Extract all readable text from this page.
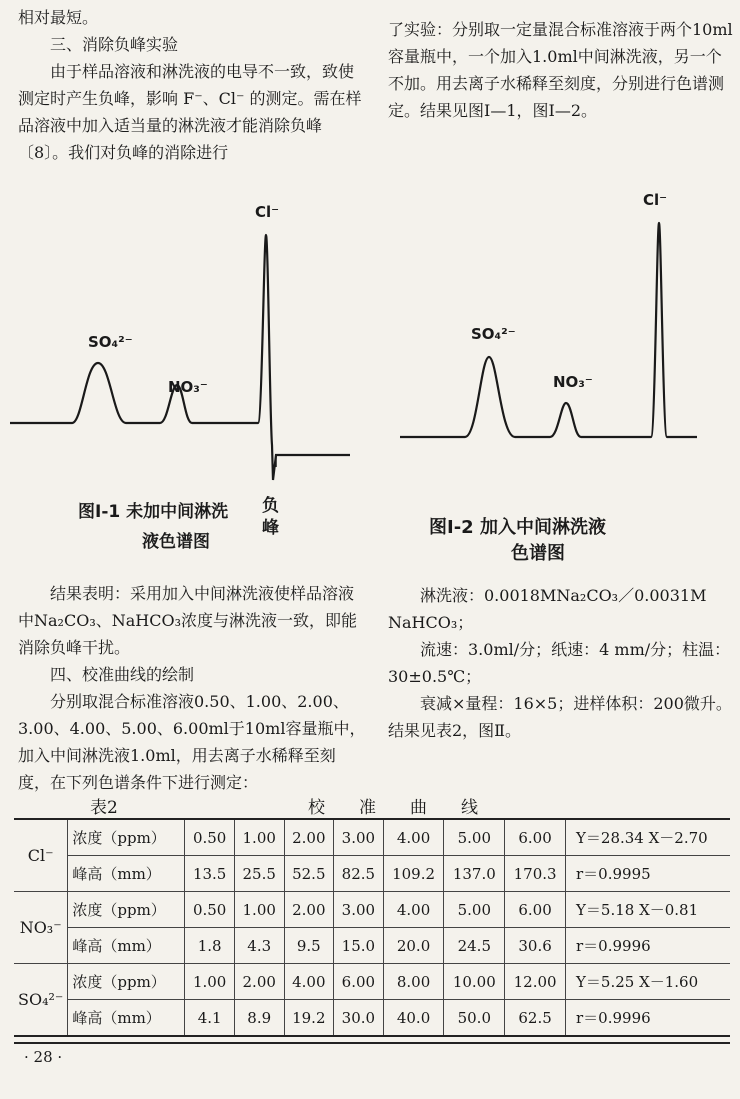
相对最短。

三、消除负峰实验

由于样品溶液和淋洗液的电导不一致，致使测定时产生负峰，影响 F⁻、Cl⁻ 的测定。需在样品溶液中加入适当量的淋洗液才能消除负峰〔8〕。我们对负峰的消除进行

了实验：分别取一定量混合标准溶液于两个10ml容量瓶中，一个加入1.0ml中间淋洗液，另一个不加。用去离子水稀释至刻度，分别进行色谱测定。结果见图Ⅰ—1，图Ⅰ—2。

Cl⁻
SO₄²⁻
NO₃⁻
负峰
图Ⅰ-1 未加中间淋洗
液色谱图
Cl⁻
SO₄²⁻
NO₃⁻
图Ⅰ-2 加入中间淋洗液
色谱图

结果表明：采用加入中间淋洗液使样品溶液中Na₂CO₃、NaHCO₃浓度与淋洗液一致，即能消除负峰干扰。

四、校准曲线的绘制

分别取混合标准溶液0.50、1.00、2.00、3.00、4.00、5.00、6.00ml于10ml容量瓶中，加入中间淋洗液1.0ml，用去离子水稀释至刻度，在下列色谱条件下进行测定：

淋洗液：0.0018MNa₂CO₃／0.0031M NaHCO₃；

流速：3.0ml/分；纸速：4 mm/分；柱温：30±0.5℃；

衰减×量程：16×5；进样体积：200微升。

结果见表2，图Ⅱ。

表2	校准曲线
Cl⁻	浓度（ppm）	0.50	1.00	2.00	3.00	4.00	5.00	6.00	Y＝28.34 X－2.70
	峰高（mm）	13.5	25.5	52.5	82.5	109.2	137.0	170.3	r＝0.9995
NO₃⁻	浓度（ppm）	0.50	1.00	2.00	3.00	4.00	5.00	6.00	Y＝5.18 X－0.81
	峰高（mm）	1.8	4.3	9.5	15.0	20.0	24.5	30.6	r＝0.9996
SO₄²⁻	浓度（ppm）	1.00	2.00	4.00	6.00	8.00	10.00	12.00	Y＝5.25 X－1.60
	峰高（mm）	4.1	8.9	19.2	30.0	40.0	50.0	62.5	r＝0.9996
· 28 ·
